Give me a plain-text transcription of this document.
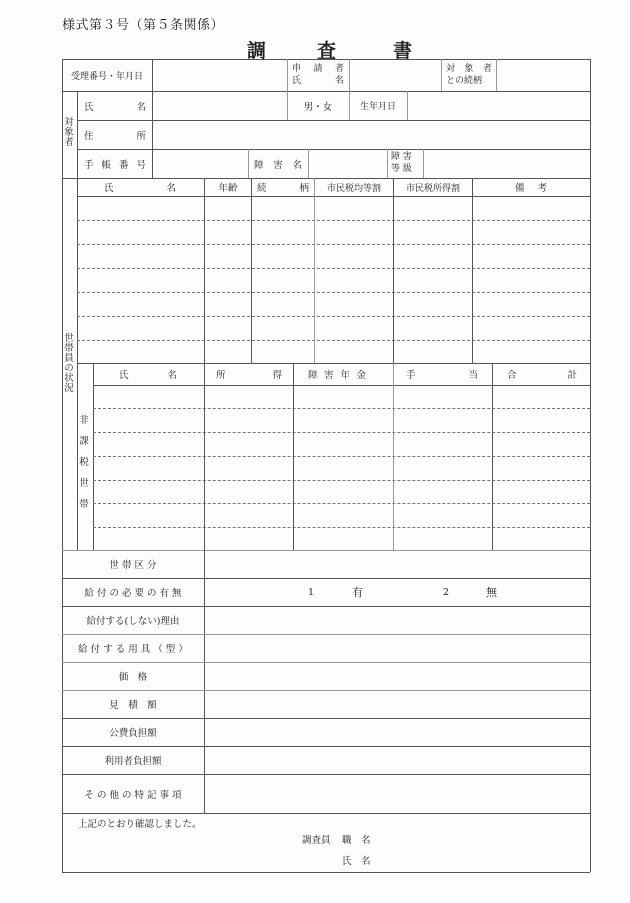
様式第３号（第５条関係）
調	査	書
受理番号・年月日
申 請 者
氏	名
対 象 者
との続柄
対象者
氏	名	男・女	生年月日
住	所
手 帳 番 号	障 害 名
障 害
等 級
世帯員の状況
氏	名	年齢	続	柄	市民税均等割	市民税所得割	備 考
非
課
税
世
帯
氏	名	所	得	障 害 年 金	手	当	合	計
世 帯 区 分
給 付 の 必 要 の 有 無	1	有	2	無
給付する(しない)理由
給 付 す る 用 具 （ 型 ）
価　格
見　積　額
公費負担額
利用者負担額
そ の 他 の 特 記 事 項
上記のとおり確認しました。
調査員 職　名
氏　名
